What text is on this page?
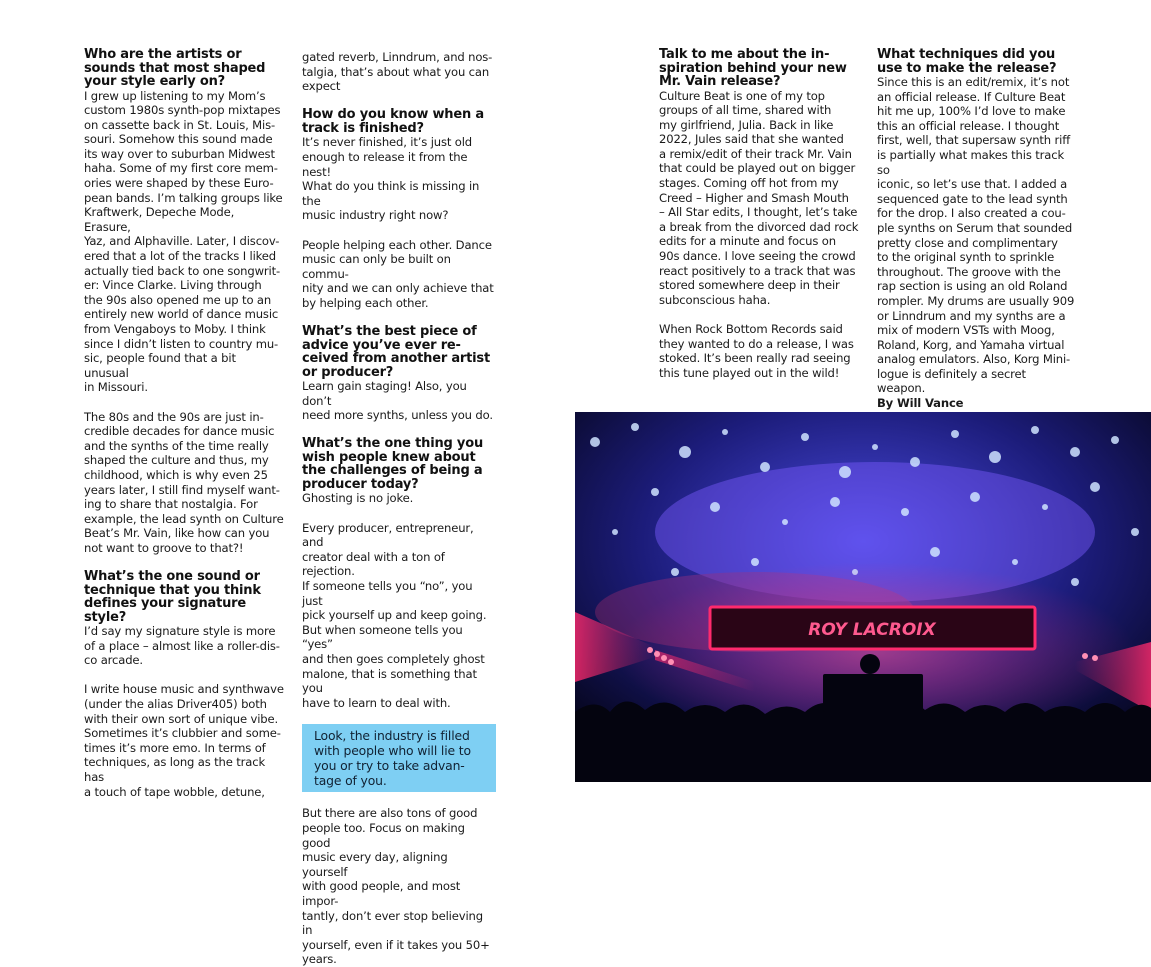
Who are the artists or
sounds that most shaped
your style early on?

I grew up listening to my Mom’s
custom 1980s synth-pop mixtapes
on cassette back in St. Louis, Mis-
souri. Somehow this sound made
its way over to suburban Midwest
haha. Some of my first core mem-
ories were shaped by these Euro-
pean bands. I’m talking groups like
Kraftwerk, Depeche Mode, Erasure,
Yaz, and Alphaville. Later, I discov-
ered that a lot of the tracks I liked
actually tied back to one songwrit-
er: Vince Clarke. Living through
the 90s also opened me up to an
entirely new world of dance music
from Vengaboys to Moby. I think
since I didn’t listen to country mu-
sic, people found that a bit unusual
in Missouri.

The 80s and the 90s are just in-
credible decades for dance music
and the synths of the time really
shaped the culture and thus, my
childhood, which is why even 25
years later, I still find myself want-
ing to share that nostalgia. For
example, the lead synth on Culture
Beat’s Mr. Vain, like how can you
not want to groove to that?!

What’s the one sound or
technique that you think
defines your signature
style?

I’d say my signature style is more
of a place – almost like a roller-dis-
co arcade.

I write house music and synthwave
(under the alias Driver405) both
with their own sort of unique vibe.
Sometimes it’s clubbier and some-
times it’s more emo. In terms of
techniques, as long as the track has
a touch of tape wobble, detune,

gated reverb, Linndrum, and nos-
talgia, that’s about what you can
expect

How do you know when a
track is finished?

It’s never finished, it’s just old
enough to release it from the nest!
What do you think is missing in the
music industry right now?

People helping each other. Dance
music can only be built on commu-
nity and we can only achieve that
by helping each other.

What’s the best piece of
advice you’ve ever re-
ceived from another artist
or producer?

Learn gain staging! Also, you don’t
need more synths, unless you do.

What’s the one thing you
wish people knew about
the challenges of being a
producer today?

Ghosting is no joke.

Every producer, entrepreneur, and
creator deal with a ton of rejection.
If someone tells you “no”, you just
pick yourself up and keep going.
But when someone tells you “yes”
and then goes completely ghost
malone, that is something that you
have to learn to deal with.

Look, the industry is filled
with people who will lie to
you or try to take advan-
tage of you.

But there are also tons of good
people too. Focus on making good
music every day, aligning yourself
with good people, and most impor-
tantly, don’t ever stop believing in
yourself, even if it takes you 50+
years.

Talk to me about the in-
spiration behind your new
Mr. Vain release?

Culture Beat is one of my top
groups of all time, shared with
my girlfriend, Julia. Back in like
2022, Jules said that she wanted
a remix/edit of their track Mr. Vain
that could be played out on bigger
stages. Coming off hot from my
Creed – Higher and Smash Mouth
– All Star edits, I thought, let’s take
a break from the divorced dad rock
edits for a minute and focus on
90s dance. I love seeing the crowd
react positively to a track that was
stored somewhere deep in their
subconscious haha.

When Rock Bottom Records said
they wanted to do a release, I was
stoked. It’s been really rad seeing
this tune played out in the wild!

What techniques did you
use to make the release?

Since this is an edit/remix, it’s not
an official release. If Culture Beat
hit me up, 100% I’d love to make
this an official release. I thought
first, well, that supersaw synth riff
is partially what makes this track so
iconic, so let’s use that. I added a
sequenced gate to the lead synth
for the drop. I also created a cou-
ple synths on Serum that sounded
pretty close and complimentary
to the original synth to sprinkle
throughout. The groove with the
rap section is using an old Roland
rompler. My drums are usually 909
or Linndrum and my synths are a
mix of modern VSTs with Moog,
Roland, Korg, and Yamaha virtual
analog emulators. Also, Korg Mini-
logue is definitely a secret weapon.

By Will Vance

ROY LACROIX
